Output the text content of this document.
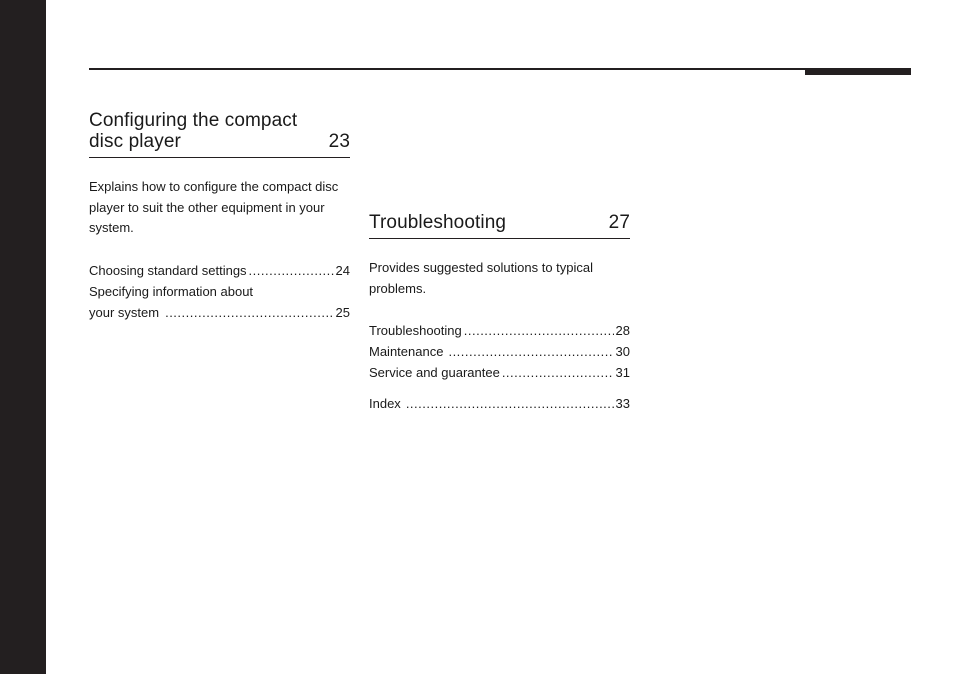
Configuring the compact
disc player	23
Explains how to configure the compact disc player to suit the other equipment in your system.
Choosing standard settings .....	24
Specifying information about
your system .....	25
Troubleshooting	27
Provides suggested solutions to typical problems.
Troubleshooting .....	28
Maintenance .....	30
Service and guarantee .....	31
Index .....	33
